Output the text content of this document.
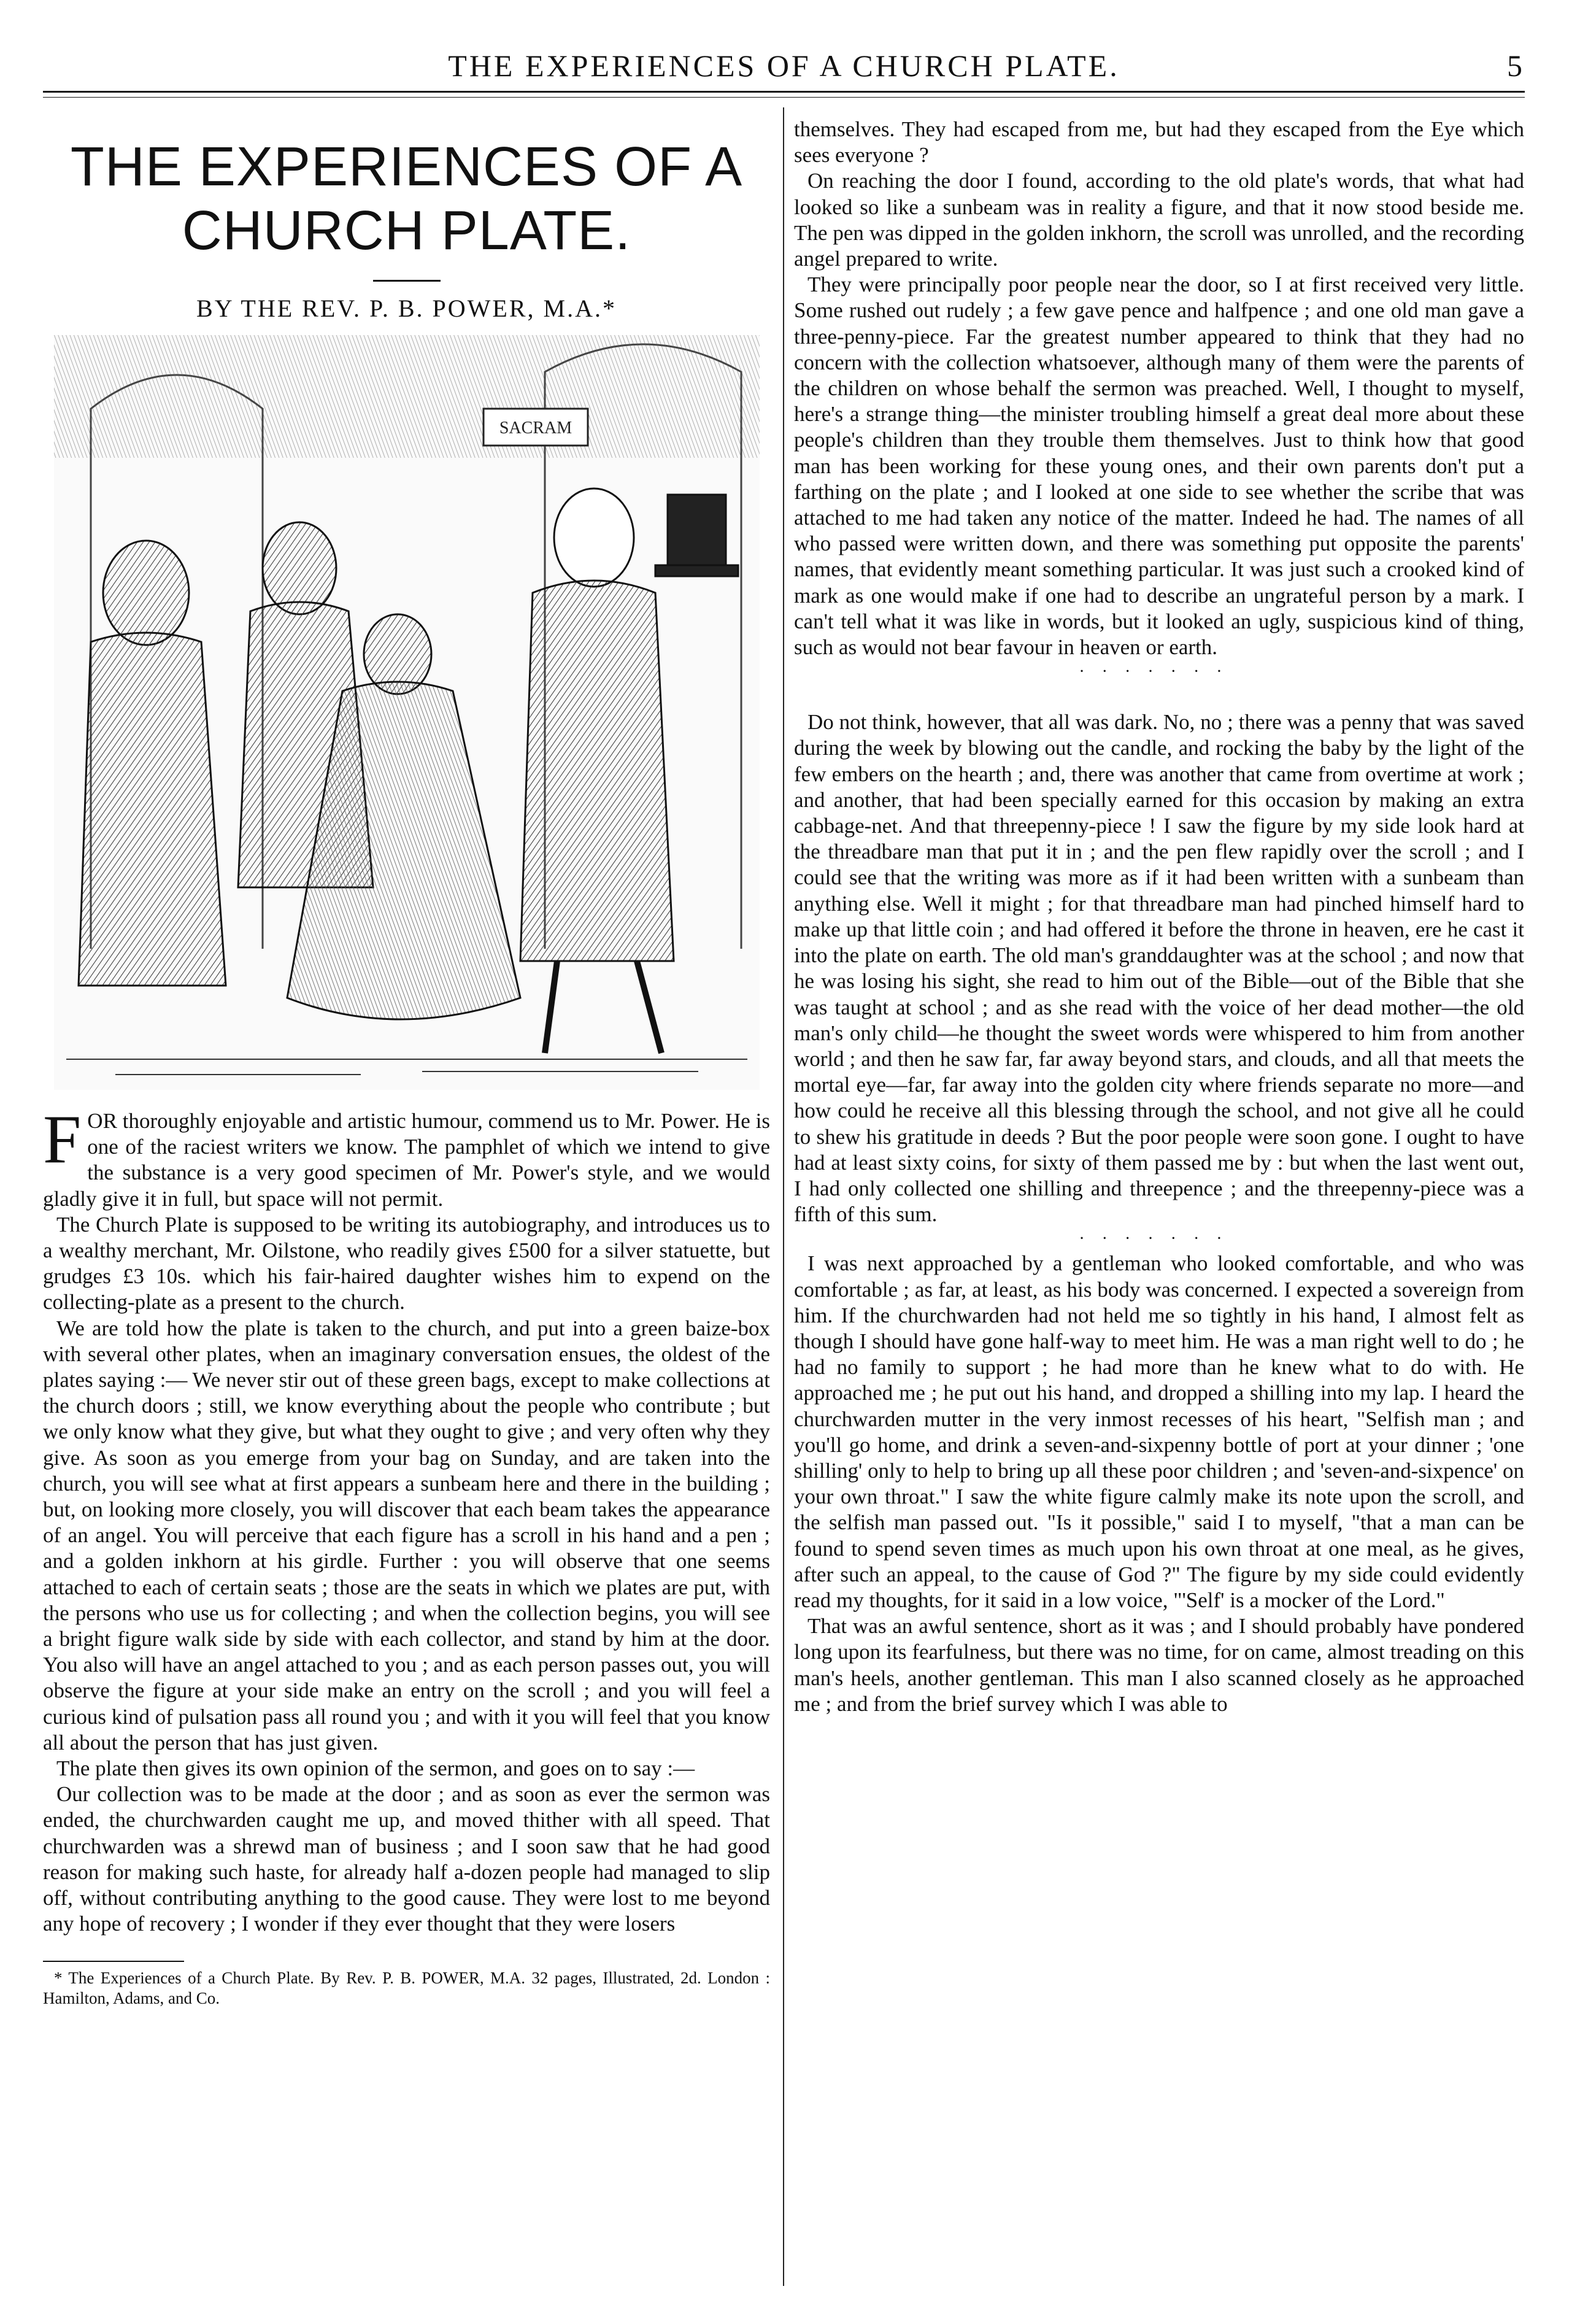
THE EXPERIENCES OF A CHURCH PLATE.	5
THE EXPERIENCES OF A CHURCH PLATE.
BY THE REV. P. B. POWER, M.A.*
SACRAM

FOR thoroughly enjoyable and artistic humour, commend us to Mr. Power. He is one of the raciest writers we know. The pamphlet of which we intend to give the substance is a very good specimen of Mr. Power's style, and we would gladly give it in full, but space will not permit.

The Church Plate is supposed to be writing its autobiography, and introduces us to a wealthy merchant, Mr. Oilstone, who readily gives £500 for a silver statuette, but grudges £3 10s. which his fair-haired daughter wishes him to expend on the collecting-plate as a present to the church.

We are told how the plate is taken to the church, and put into a green baize-box with several other plates, when an imaginary conversation ensues, the oldest of the plates saying :— We never stir out of these green bags, except to make collections at the church doors ; still, we know everything about the people who contribute ; but we only know what they give, but what they ought to give ; and very often why they give. As soon as you emerge from your bag on Sunday, and are taken into the church, you will see what at first appears a sunbeam here and there in the building ; but, on looking more closely, you will discover that each beam takes the appearance of an angel. You will perceive that each figure has a scroll in his hand and a pen ; and a golden inkhorn at his girdle. Further : you will observe that one seems attached to each of certain seats ; those are the seats in which we plates are put, with the persons who use us for collecting ; and when the collection begins, you will see a bright figure walk side by side with each collector, and stand by him at the door. You also will have an angel attached to you ; and as each person passes out, you will observe the figure at your side make an entry on the scroll ; and you will feel a curious kind of pulsation pass all round you ; and with it you will feel that you know all about the person that has just given.

The plate then gives its own opinion of the sermon, and goes on to say :—

Our collection was to be made at the door ; and as soon as ever the sermon was ended, the churchwarden caught me up, and moved thither with all speed. That churchwarden was a shrewd man of business ; and I soon saw that he had good reason for making such haste, for already half a-dozen people had managed to slip off, without contributing anything to the good cause. They were lost to me beyond any hope of recovery ; I wonder if they ever thought that they were losers

* The Experiences of a Church Plate. By Rev. P. B. POWER, M.A. 32 pages, Illustrated, 2d. London : Hamilton, Adams, and Co.

themselves. They had escaped from me, but had they escaped from the Eye which sees everyone ?

On reaching the door I found, according to the old plate's words, that what had looked so like a sunbeam was in reality a figure, and that it now stood beside me. The pen was dipped in the golden inkhorn, the scroll was unrolled, and the recording angel prepared to write.

They were principally poor people near the door, so I at first received very little. Some rushed out rudely ; a few gave pence and halfpence ; and one old man gave a three-penny-piece. Far the greatest number appeared to think that they had no concern with the collection whatsoever, although many of them were the parents of the children on whose behalf the sermon was preached. Well, I thought to myself, here's a strange thing—the minister troubling himself a great deal more about these people's children than they trouble them themselves. Just to think how that good man has been working for these young ones, and their own parents don't put a farthing on the plate ; and I looked at one side to see whether the scribe that was attached to me had taken any notice of the matter. Indeed he had. The names of all who passed were written down, and there was something put opposite the parents' names, that evidently meant something particular. It was just such a crooked kind of mark as one would make if one had to describe an ungrateful person by a mark. I can't tell what it was like in words, but it looked an ugly, suspicious kind of thing, such as would not bear favour in heaven or earth.

·······

Do not think, however, that all was dark. No, no ; there was a penny that was saved during the week by blowing out the candle, and rocking the baby by the light of the few embers on the hearth ; and, there was another that came from overtime at work ; and another, that had been specially earned for this occasion by making an extra cabbage-net. And that threepenny-piece ! I saw the figure by my side look hard at the threadbare man that put it in ; and the pen flew rapidly over the scroll ; and I could see that the writing was more as if it had been written with a sunbeam than anything else. Well it might ; for that threadbare man had pinched himself hard to make up that little coin ; and had offered it before the throne in heaven, ere he cast it into the plate on earth. The old man's granddaughter was at the school ; and now that he was losing his sight, she read to him out of the Bible—out of the Bible that she was taught at school ; and as she read with the voice of her dead mother—the old man's only child—he thought the sweet words were whispered to him from another world ; and then he saw far, far away beyond stars, and clouds, and all that meets the mortal eye—far, far away into the golden city where friends separate no more—and how could he receive all this blessing through the school, and not give all he could to shew his gratitude in deeds ? But the poor people were soon gone. I ought to have had at least sixty coins, for sixty of them passed me by : but when the last went out, I had only collected one shilling and threepence ; and the threepenny-piece was a fifth of this sum.

·······

I was next approached by a gentleman who looked comfortable, and who was comfortable ; as far, at least, as his body was concerned. I expected a sovereign from him. If the churchwarden had not held me so tightly in his hand, I almost felt as though I should have gone half-way to meet him. He was a man right well to do ; he had no family to support ; he had more than he knew what to do with. He approached me ; he put out his hand, and dropped a shilling into my lap. I heard the churchwarden mutter in the very inmost recesses of his heart, "Selfish man ; and you'll go home, and drink a seven-and-sixpenny bottle of port at your dinner ; 'one shilling' only to help to bring up all these poor children ; and 'seven-and-sixpence' on your own throat." I saw the white figure calmly make its note upon the scroll, and the selfish man passed out. "Is it possible," said I to myself, "that a man can be found to spend seven times as much upon his own throat at one meal, as he gives, after such an appeal, to the cause of God ?" The figure by my side could evidently read my thoughts, for it said in a low voice, "'Self' is a mocker of the Lord."

That was an awful sentence, short as it was ; and I should probably have pondered long upon its fearfulness, but there was no time, for on came, almost treading on this man's heels, another gentleman. This man I also scanned closely as he approached me ; and from the brief survey which I was able to
